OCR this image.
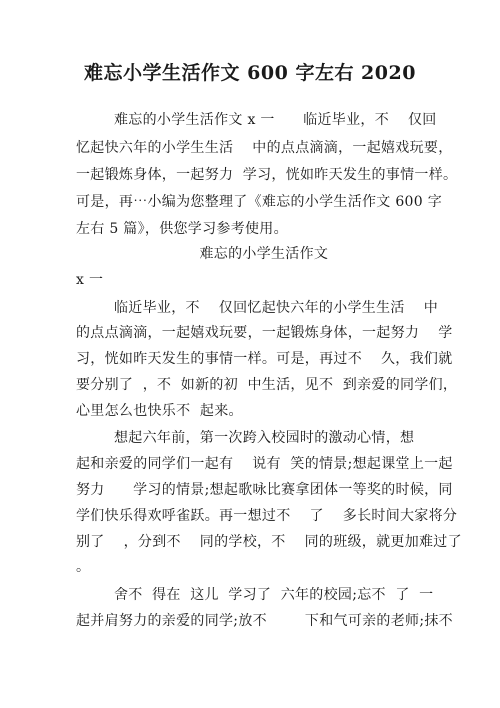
难忘小学生活作文 600 字左右 2020
难忘的小学生活作文 x 一      临近毕业，不    仅回
忆起快六年的小学生生活    中的点点滴滴，一起嬉戏玩要，
一起锻炼身体，一起努力  学习，恍如昨天发生的事情一样。
可是，再⋯小编为您整理了《难忘的小学生活作文 600 字
左右 5 篇》，供您学习参考使用。
难忘的小学生活作文
x 一
临近毕业，不    仅回忆起快六年的小学生生活    中
的点点滴滴，一起嬉戏玩要，一起锻炼身体，一起努力    学
习，恍如昨天发生的事情一样。可是，再过不    久，我们就
要分别了  ，不  如新的初  中生活，见不  到亲爱的同学们，
心里怎么也快乐不  起来。
想起六年前，第一次跨入校园时的激动心情，想
起和亲爱的同学们一起有    说有  笑的情景;想起课堂上一起
努力      学习的情景;想起歌咏比赛拿团体一等奖的时候，同
学们快乐得欢呼雀跃。再一想过不    了    多长时间大家将分
别了    ，分到不    同的学校，不    同的班级，就更加难过了
。
舍不  得在  这儿  学习了  六年的校园;忘不  了  一
起并肩努力的亲爱的同学;放不        下和气可亲的老师;抹不
